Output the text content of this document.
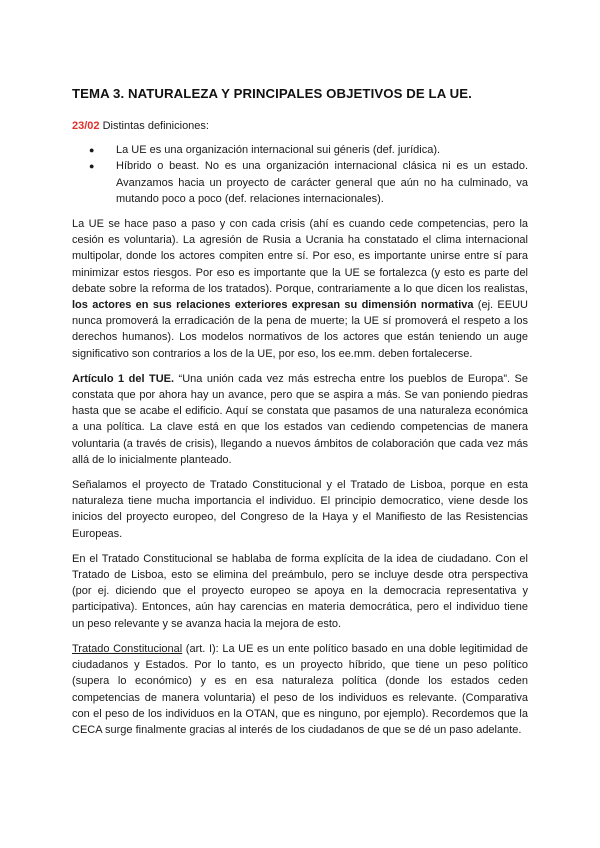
TEMA 3. NATURALEZA Y PRINCIPALES OBJETIVOS DE LA UE.

23/02 Distintas definiciones:

● La UE es una organización internacional sui géneris (def. jurídica).
● Híbrido o beast. No es una organización internacional clásica ni es un estado. Avanzamos hacia un proyecto de carácter general que aún no ha culminado, va mutando poco a poco (def. relaciones internacionales).

La UE se hace paso a paso y con cada crisis (ahí es cuando cede competencias, pero la cesión es voluntaria). La agresión de Rusia a Ucrania ha constatado el clima internacional multipolar, donde los actores compiten entre sí. Por eso, es importante unirse entre sí para minimizar estos riesgos. Por eso es importante que la UE se fortalezca (y esto es parte del debate sobre la reforma de los tratados). Porque, contrariamente a lo que dicen los realistas, los actores en sus relaciones exteriores expresan su dimensión normativa (ej. EEUU nunca promoverá la erradicación de la pena de muerte; la UE sí promoverá el respeto a los derechos humanos). Los modelos normativos de los actores que están teniendo un auge significativo son contrarios a los de la UE, por eso, los ee.mm. deben fortalecerse.

Artículo 1 del TUE. “Una unión cada vez más estrecha entre los pueblos de Europa”. Se constata que por ahora hay un avance, pero que se aspira a más. Se van poniendo piedras hasta que se acabe el edificio. Aquí se constata que pasamos de una naturaleza económica a una política. La clave está en que los estados van cediendo competencias de manera voluntaria (a través de crisis), llegando a nuevos ámbitos de colaboración que cada vez más allá de lo inicialmente planteado.

Señalamos el proyecto de Tratado Constitucional y el Tratado de Lisboa, porque en esta naturaleza tiene mucha importancia el individuo. El principio democratico, viene desde los inicios del proyecto europeo, del Congreso de la Haya y el Manifiesto de las Resistencias Europeas.

En el Tratado Constitucional se hablaba de forma explícita de la idea de ciudadano. Con el Tratado de Lisboa, esto se elimina del preámbulo, pero se incluye desde otra perspectiva (por ej. diciendo que el proyecto europeo se apoya en la democracia representativa y participativa). Entonces, aún hay carencias en materia democrática, pero el individuo tiene un peso relevante y se avanza hacia la mejora de esto.

Tratado Constitucional (art. I): La UE es un ente político basado en una doble legitimidad de ciudadanos y Estados. Por lo tanto, es un proyecto híbrido, que tiene un peso político (supera lo económico) y es en esa naturaleza política (donde los estados ceden competencias de manera voluntaria) el peso de los individuos es relevante. (Comparativa con el peso de los individuos en la OTAN, que es ninguno, por ejemplo). Recordemos que la CECA surge finalmente gracias al interés de los ciudadanos de que se dé un paso adelante.
